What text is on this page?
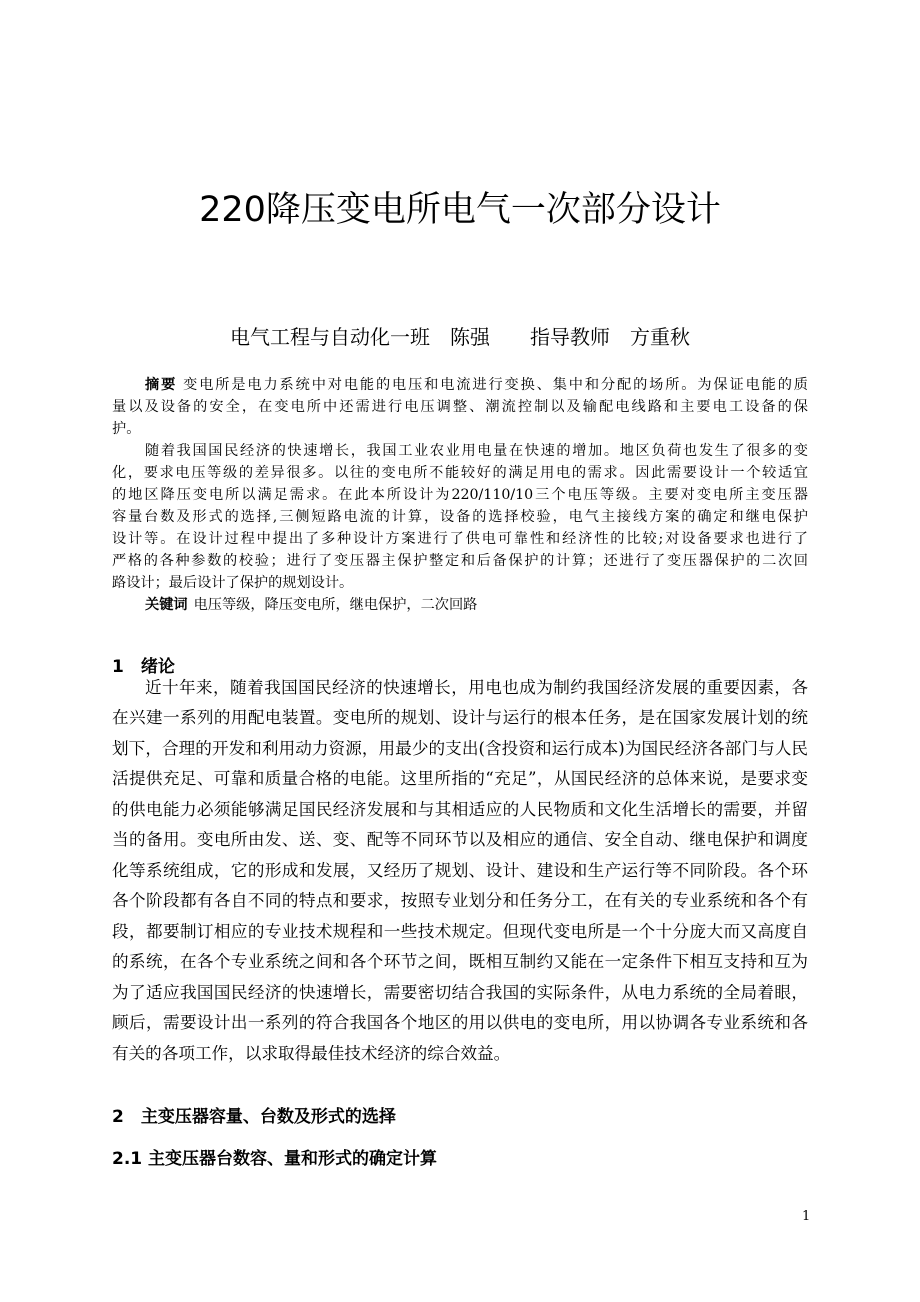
220降压变电所电气一次部分设计
电气工程与自动化一班　陈强　　指导教师　方重秋
摘要 变电所是电力系统中对电能的电压和电流进行变换、集中和分配的场所。为保证电能的质
量以及设备的安全，在变电所中还需进行电压调整、潮流控制以及输配电线路和主要电工设备的保
护。
随着我国国民经济的快速增长，我国工业农业用电量在快速的增加。地区负荷也发生了很多的变
化，要求电压等级的差异很多。以往的变电所不能较好的满足用电的需求。因此需要设计一个较适宜
的地区降压变电所以满足需求。在此本所设计为220/110/10三个电压等级。主要对变电所主变压器
容量台数及形式的选择,三侧短路电流的计算，设备的选择校验，电气主接线方案的确定和继电保护
设计等。在设计过程中提出了多种设计方案进行了供电可靠性和经济性的比较;对设备要求也进行了
严格的各种参数的校验；进行了变压器主保护整定和后备保护的计算；还进行了变压器保护的二次回
路设计；最后设计了保护的规划设计。
关键词 电压等级，降压变电所，继电保护，二次回路
1　绪论
近十年来，随着我国国民经济的快速增长，用电也成为制约我国经济发展的重要因素，各
在兴建一系列的用配电装置。变电所的规划、设计与运行的根本任务，是在国家发展计划的统
划下，合理的开发和利用动力资源，用最少的支出(含投资和运行成本)为国民经济各部门与人民
活提供充足、可靠和质量合格的电能。这里所指的“充足”，从国民经济的总体来说，是要求变
的供电能力必须能够满足国民经济发展和与其相适应的人民物质和文化生活增长的需要，并留
当的备用。变电所由发、送、变、配等不同环节以及相应的通信、安全自动、继电保护和调度
化等系统组成，它的形成和发展，又经历了规划、设计、建设和生产运行等不同阶段。各个环
各个阶段都有各自不同的特点和要求，按照专业划分和任务分工，在有关的专业系统和各个有
段，都要制订相应的专业技术规程和一些技术规定。但现代变电所是一个十分庞大而又高度自
的系统，在各个专业系统之间和各个环节之间，既相互制约又能在一定条件下相互支持和互为
为了适应我国国民经济的快速增长，需要密切结合我国的实际条件，从电力系统的全局着眼，
顾后，需要设计出一系列的符合我国各个地区的用以供电的变电所，用以协调各专业系统和各
有关的各项工作，以求取得最佳技术经济的综合效益。
2　主变压器容量、台数及形式的选择
2.1 主变压器台数容、量和形式的确定计算
1
